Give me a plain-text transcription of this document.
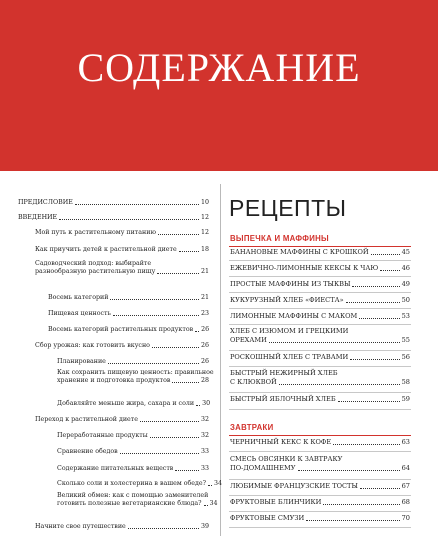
СОДЕРЖАНИЕ
ПРЕДИСЛОВИЕ	10
ВВЕДЕНИЕ	12
Мой путь к растительному питанию	12
Как приучить детей к растительной диете	18
Садоводческий подход: выбирайте
разнообразную растительную пищу	21
Восемь категорий	21
Пищевая ценность	23
Восемь категорий растительных продуктов 26
Сбор урожая: как готовить вкусно	26
Планирование	26
Как сохранить пищевую ценность: правильное
хранение и подготовка продуктов	28
Добавляйте меньше жира, сахара и соли 30
Переход к растительной диете	32
Переработанные продукты	32
Сравнение обедов	33
Содержание питательных веществ	33
Сколько соли и холестерина в вашем обеде? 34
Великий обмен: как с помощью заменителей
готовить полезные вегетарианские блюда? 34
Начните свое путешествие	39
РЕЦЕПТЫ
ВЫПЕЧКА И МАФФИНЫ
БАНАНОВЫЕ МАФФИНЫ С КРОШКОЙ	45
ЕЖЕВИЧНО-ЛИМОННЫЕ КЕКСЫ К ЧАЮ	46
ПРОСТЫЕ МАФФИНЫ ИЗ ТЫКВЫ	49
КУКУРУЗНЫЙ ХЛЕБ «ФИЕСТА»	50
ЛИМОННЫЕ МАФФИНЫ С МАКОМ	53
ХЛЕБ С ИЗЮМОМ И ГРЕЦКИМИ
ОРЕХАМИ	55
РОСКОШНЫЙ ХЛЕБ С ТРАВАМИ	56
БЫСТРЫЙ НЕЖИРНЫЙ ХЛЕБ
С КЛЮКВОЙ	58
БЫСТРЫЙ ЯБЛОЧНЫЙ ХЛЕБ	59
ЗАВТРАКИ
ЧЕРНИЧНЫЙ КЕКС К КОФЕ	63
СМЕСЬ ОВСЯНКИ К ЗАВТРАКУ
ПО-ДОМАШНЕМУ	64
ЛЮБИМЫЕ ФРАНЦУЗСКИЕ ТОСТЫ	67
ФРУКТОВЫЕ БЛИНЧИКИ	68
ФРУКТОВЫЕ СМУЗИ	70
